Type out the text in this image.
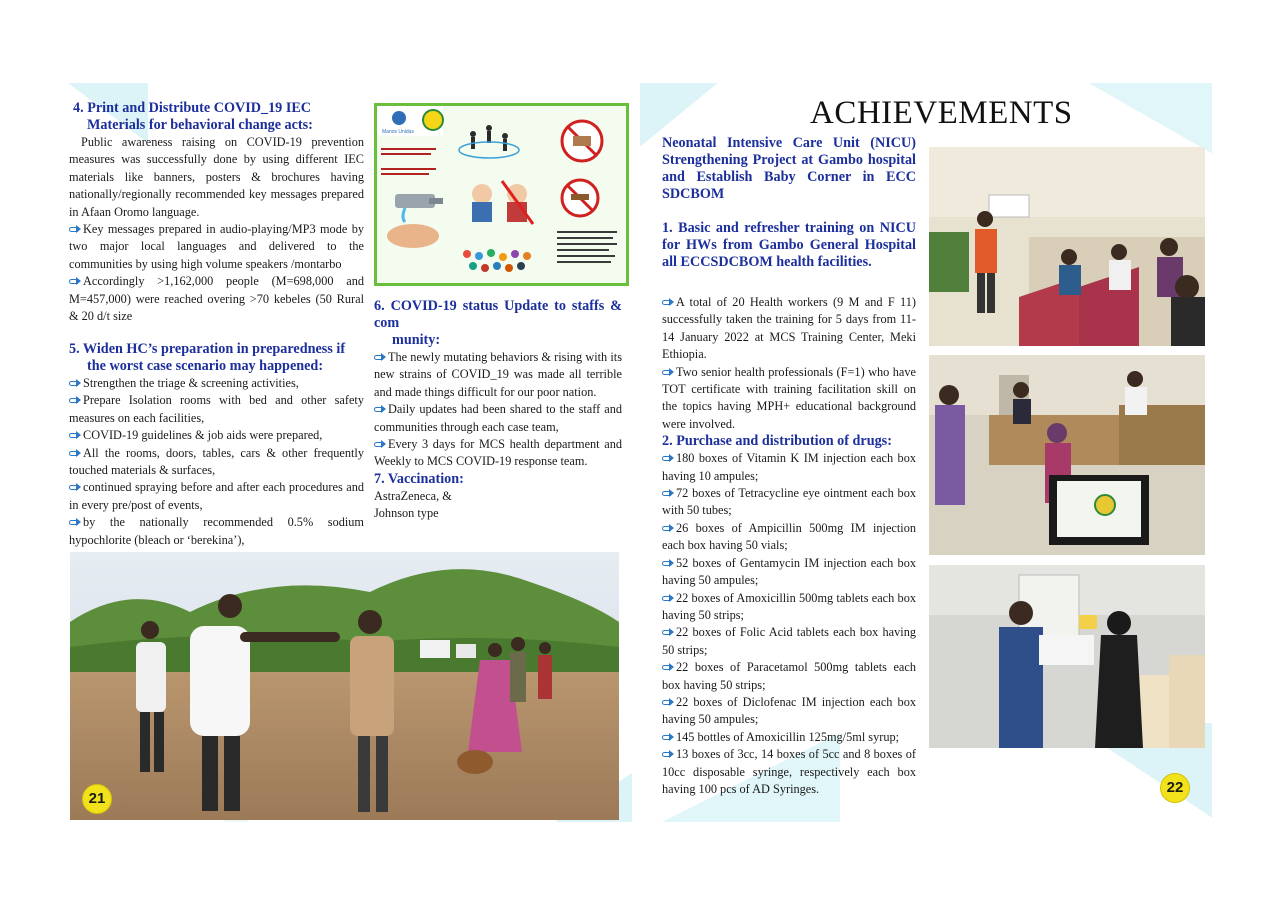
4. Print and Distribute COVID_19 IEC
Materials for behavioral change acts:

Public awareness raising on COVID-19 prevention measures was successfully done by using different IEC materials like banners, posters & brochures having nationally/regionally recommended key messages prepared in Afaan Oromo language.

Key messages prepared in audio-playing/MP3 mode by two major local languages and delivered to the communities by using high volume speakers /montarbo

Accordingly >1,162,000 people (M=698,000 and M=457,000) were reached overing >70 kebeles (50 Rural & 20 d/t size

5. Widen HC’s preparation in preparedness if
the worst case scenario may happened:

Strengthen the triage & screening activities,

Prepare Isolation rooms with bed and other safety measures on each facilities,

COVID-19 guidelines & job aids were prepared,

All the rooms, doors, tables, cars & other frequently touched materials & surfaces,

continued spraying before and after each procedures and in every pre/post of events,

by the nationally recommended 0.5% sodium hypochlorite (bleach or ‘berekina’),

Manos Unidas
6. COVID-19 status Update to staffs & com
munity:

The newly mutating behaviors & rising with its new strains of COVID_19 was made all terrible and made things difficult for our poor nation.

Daily updates had been shared to the staff and communities through each case team,

Every 3 days for MCS health department and Weekly to MCS COVID-19 response team.

7. Vaccination:

AstraZeneca, &

Johnson type

21
ACHIEVEMENTS
Neonatal Intensive Care Unit (NICU) Strengthening Project at Gambo hospital and Establish Baby Corner in ECC SDCBOM
1. Basic and refresher training on NICU for HWs from Gambo General Hospital all ECCSDCBOM health facilities.

A total of 20 Health workers (9 M and F 11) successfully taken the training for 5 days from 11-14 January 2022 at MCS Training Center, Meki Ethiopia.

Two senior health professionals (F=1) who have TOT certificate with training facilitation skill on the topics having MPH+ educational background were involved.

2. Purchase and distribution of drugs:

180 boxes of Vitamin K IM injection each box having 10 ampules;

72 boxes of Tetracycline eye ointment each box with 50 tubes;

26 boxes of Ampicillin 500mg IM injection each box having 50 vials;

52 boxes of Gentamycin IM injection each box having 50 ampules;

22 boxes of Amoxicillin 500mg tablets each box having 50 strips;

22 boxes of Folic Acid tablets each box having 50 strips;

22 boxes of Paracetamol 500mg tablets each box having 50 strips;

22 boxes of Diclofenac IM injection each box having 50 ampules;

145 bottles of Amoxicillin 125mg/5ml syrup;

13 boxes of 3cc, 14 boxes of 5cc and 8 boxes of 10cc disposable syringe, respectively each box having 100 pcs of AD Syringes.	22
